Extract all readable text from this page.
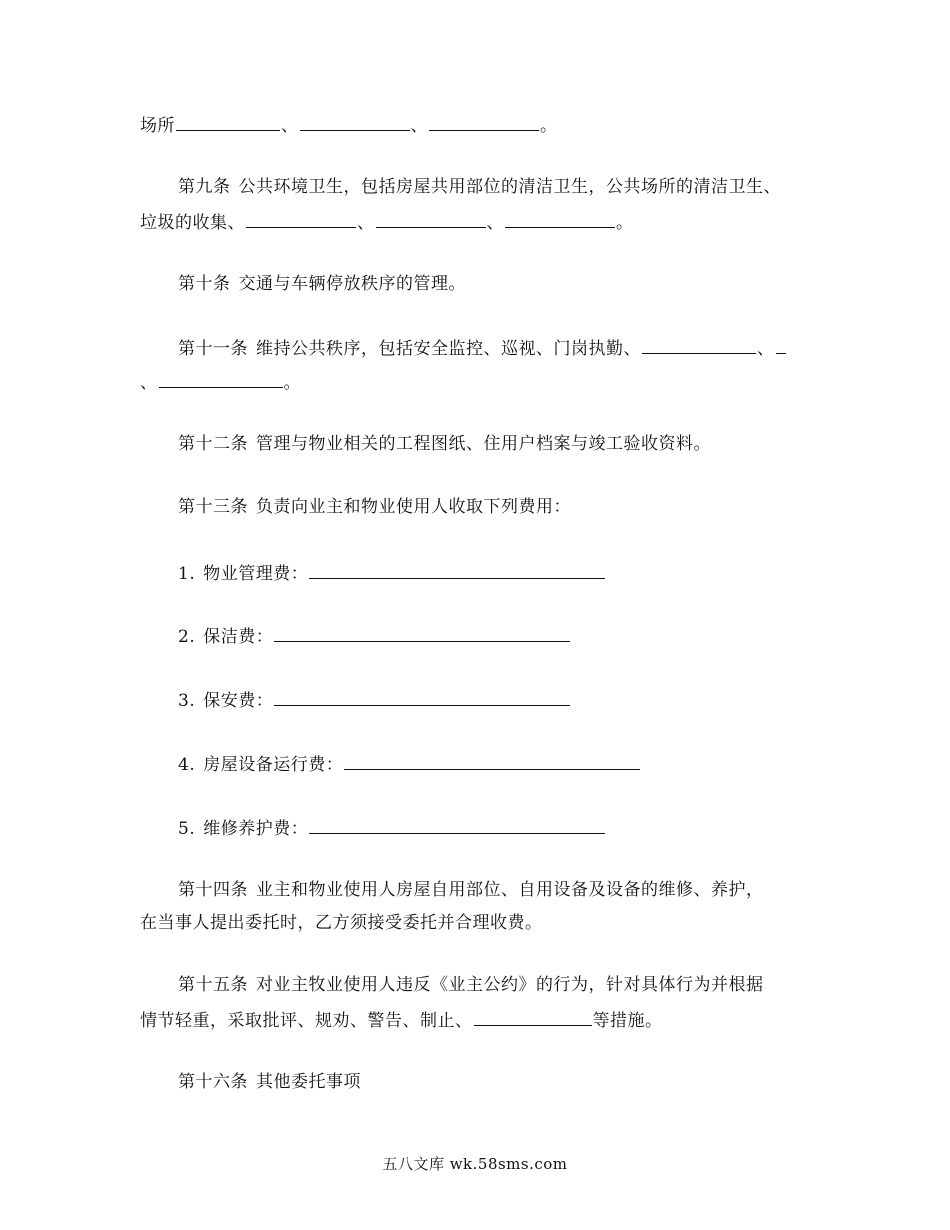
场所	、	、	。
第九条 公共环境卫生，包括房屋共用部位的清洁卫生，公共场所的清洁卫生、
垃圾的收集、	、	、	。
第十条 交通与车辆停放秩序的管理。
第十一条 维持公共秩序，包括安全监控、巡视、门岗执勤、	、
、	。
第十二条 管理与物业相关的工程图纸、住用户档案与竣工验收资料。
第十三条 负责向业主和物业使用人收取下列费用：
1. 物业管理费：
2. 保洁费：
3. 保安费：
4. 房屋设备运行费：
5. 维修养护费：
第十四条 业主和物业使用人房屋自用部位、自用设备及设备的维修、养护，
在当事人提出委托时，乙方须接受委托并合理收费。
第十五条 对业主牧业使用人违反《业主公约》的行为，针对具体行为并根据
情节轻重，采取批评、规劝、警告、制止、	等措施。
第十六条 其他委托事项
五八文库 wk.58sms.com
